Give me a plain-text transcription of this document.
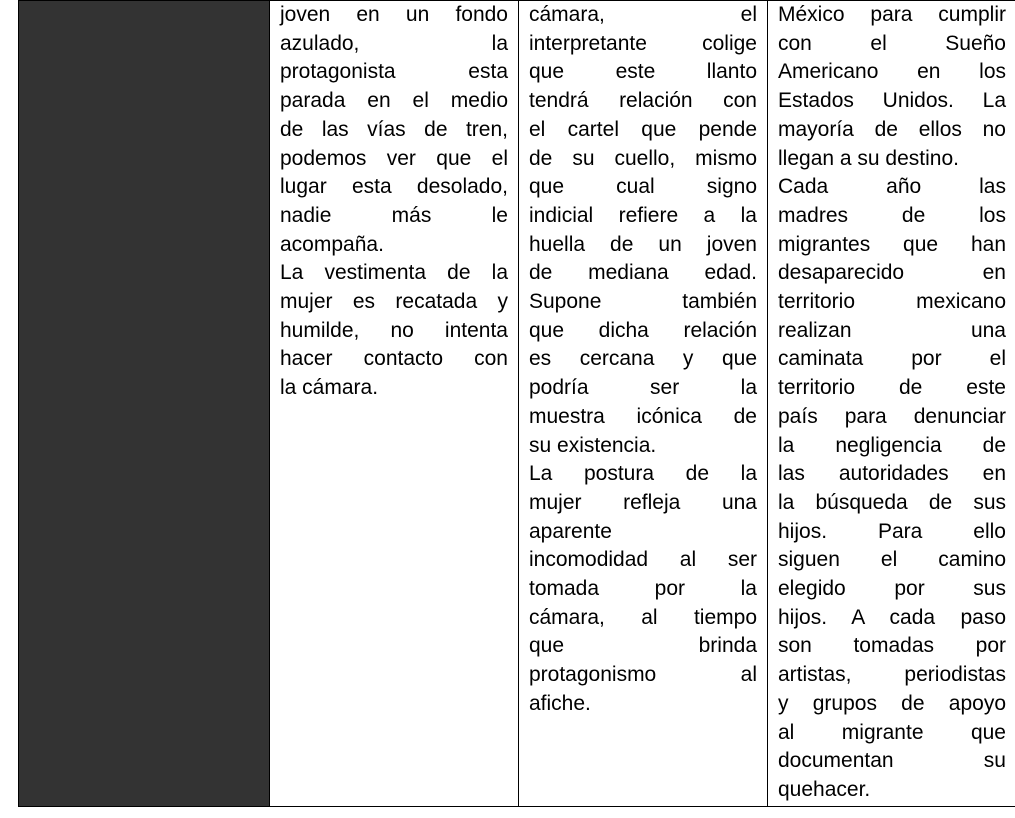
joven en un fondo
azulado, la
protagonista esta
parada en el medio
de las vías de tren,
podemos ver que el
lugar esta desolado,
nadie más le
acompaña.
La vestimenta de la
mujer es recatada y
humilde, no intenta
hacer contacto con
la cámara.

cámara, el
interpretante colige
que este llanto
tendrá relación con
el cartel que pende
de su cuello, mismo
que cual signo
indicial refiere a la
huella de un joven
de mediana edad.
Supone también
que dicha relación
es cercana y que
podría ser la
muestra icónica de
su existencia.
La postura de la
mujer refleja una
aparente
incomodidad al ser
tomada por la
cámara, al tiempo
que brinda
protagonismo al
afiche.

México para cumplir
con el Sueño
Americano en los
Estados Unidos. La
mayoría de ellos no
llegan a su destino.
Cada año las
madres de los
migrantes que han
desaparecido en
territorio mexicano
realizan una
caminata por el
territorio de este
país para denunciar
la negligencia de
las autoridades en
la búsqueda de sus
hijos. Para ello
siguen el camino
elegido por sus
hijos. A cada paso
son tomadas por
artistas, periodistas
y grupos de apoyo
al migrante que
documentan su
quehacer.
